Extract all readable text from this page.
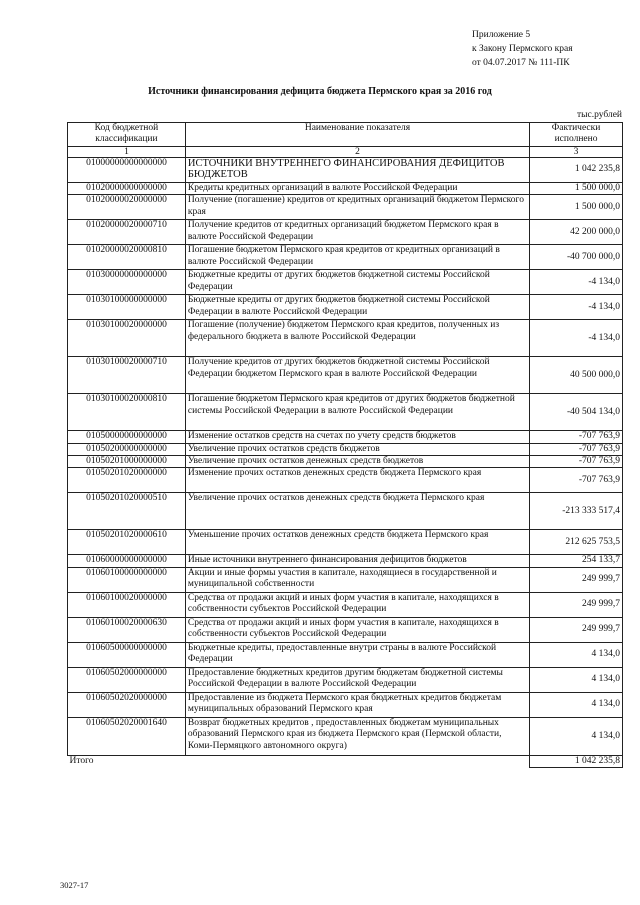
Приложение 5
к Закону Пермского края
от 04.07.2017 № 111-ПК
Источники финансирования дефицита бюджета Пермского края за 2016 год
тыс.рублей
Код бюджетной классификации	Наименование показателя	Фактически исполнено
1	2	3
01000000000000000	ИСТОЧНИКИ ВНУТРЕННЕГО ФИНАНСИРОВАНИЯ ДЕФИЦИТОВ БЮДЖЕТОВ	1 042 235,8
01020000000000000	Кредиты кредитных организаций в валюте Российской Федерации	1 500 000,0
01020000020000000	Получение (погашение) кредитов от кредитных организаций бюджетом Пермского края	1 500 000,0
01020000020000710	Получение кредитов от кредитных организаций бюджетом Пермского края в валюте Российской Федерации	42 200 000,0
01020000020000810	Погашение бюджетом Пермского края кредитов от кредитных организаций в валюте Российской Федерации	-40 700 000,0
01030000000000000	Бюджетные кредиты от других бюджетов бюджетной системы Российской Федерации	-4 134,0
01030100000000000	Бюджетные кредиты от других бюджетов бюджетной системы Российской Федерации в валюте Российской Федерации	-4 134,0
01030100020000000	Погашение (получение) бюджетом Пермского края кредитов, полученных из федерального бюджета в валюте Российской Федерации	-4 134,0
01030100020000710	Получение кредитов от других бюджетов бюджетной системы Российской Федерации бюджетом Пермского края в валюте Российской Федерации	40 500 000,0
01030100020000810	Погашение бюджетом Пермского края кредитов от других бюджетов бюджетной системы Российской Федерации в валюте Российской Федерации	-40 504 134,0
01050000000000000	Изменение остатков средств на счетах по учету средств бюджетов	-707 763,9
01050200000000000	Увеличение прочих остатков средств бюджетов	-707 763,9
01050201000000000	Увеличение прочих остатков денежных средств бюджетов	-707 763,9
01050201020000000	Изменение прочих остатков денежных средств бюджета Пермского края	-707 763,9
01050201020000510	Увеличение прочих остатков денежных средств бюджета Пермского края	-213 333 517,4
01050201020000610	Уменьшение прочих остатков денежных средств бюджета Пермского края	212 625 753,5
01060000000000000	Иные источники внутреннего финансирования дефицитов бюджетов	254 133,7
01060100000000000	Акции и иные формы участия в капитале, находящиеся в государственной и муниципальной собственности	249 999,7
01060100020000000	Средства от продажи акций и иных форм участия в капитале, находящихся в собственности субъектов Российской Федерации	249 999,7
01060100020000630	Средства от продажи акций и иных форм участия в капитале, находящихся в собственности субъектов Российской Федерации	249 999,7
01060500000000000	Бюджетные кредиты, предоставленные внутри страны в валюте Российской Федерации	4 134,0
01060502000000000	Предоставление бюджетных кредитов другим бюджетам бюджетной системы Российской Федерации в валюте Российской Федерации	4 134,0
01060502020000000	Предоставление из бюджета Пермского края бюджетных кредитов бюджетам муниципальных образований Пермского края	4 134,0
01060502020001640	Возврат бюджетных кредитов , предоставленных бюджетам муниципальных образований Пермского края из бюджета Пермского края (Пермской области, Коми-Пермяцкого автономного округа)	4 134,0
Итого		1 042 235,8
3027-17
